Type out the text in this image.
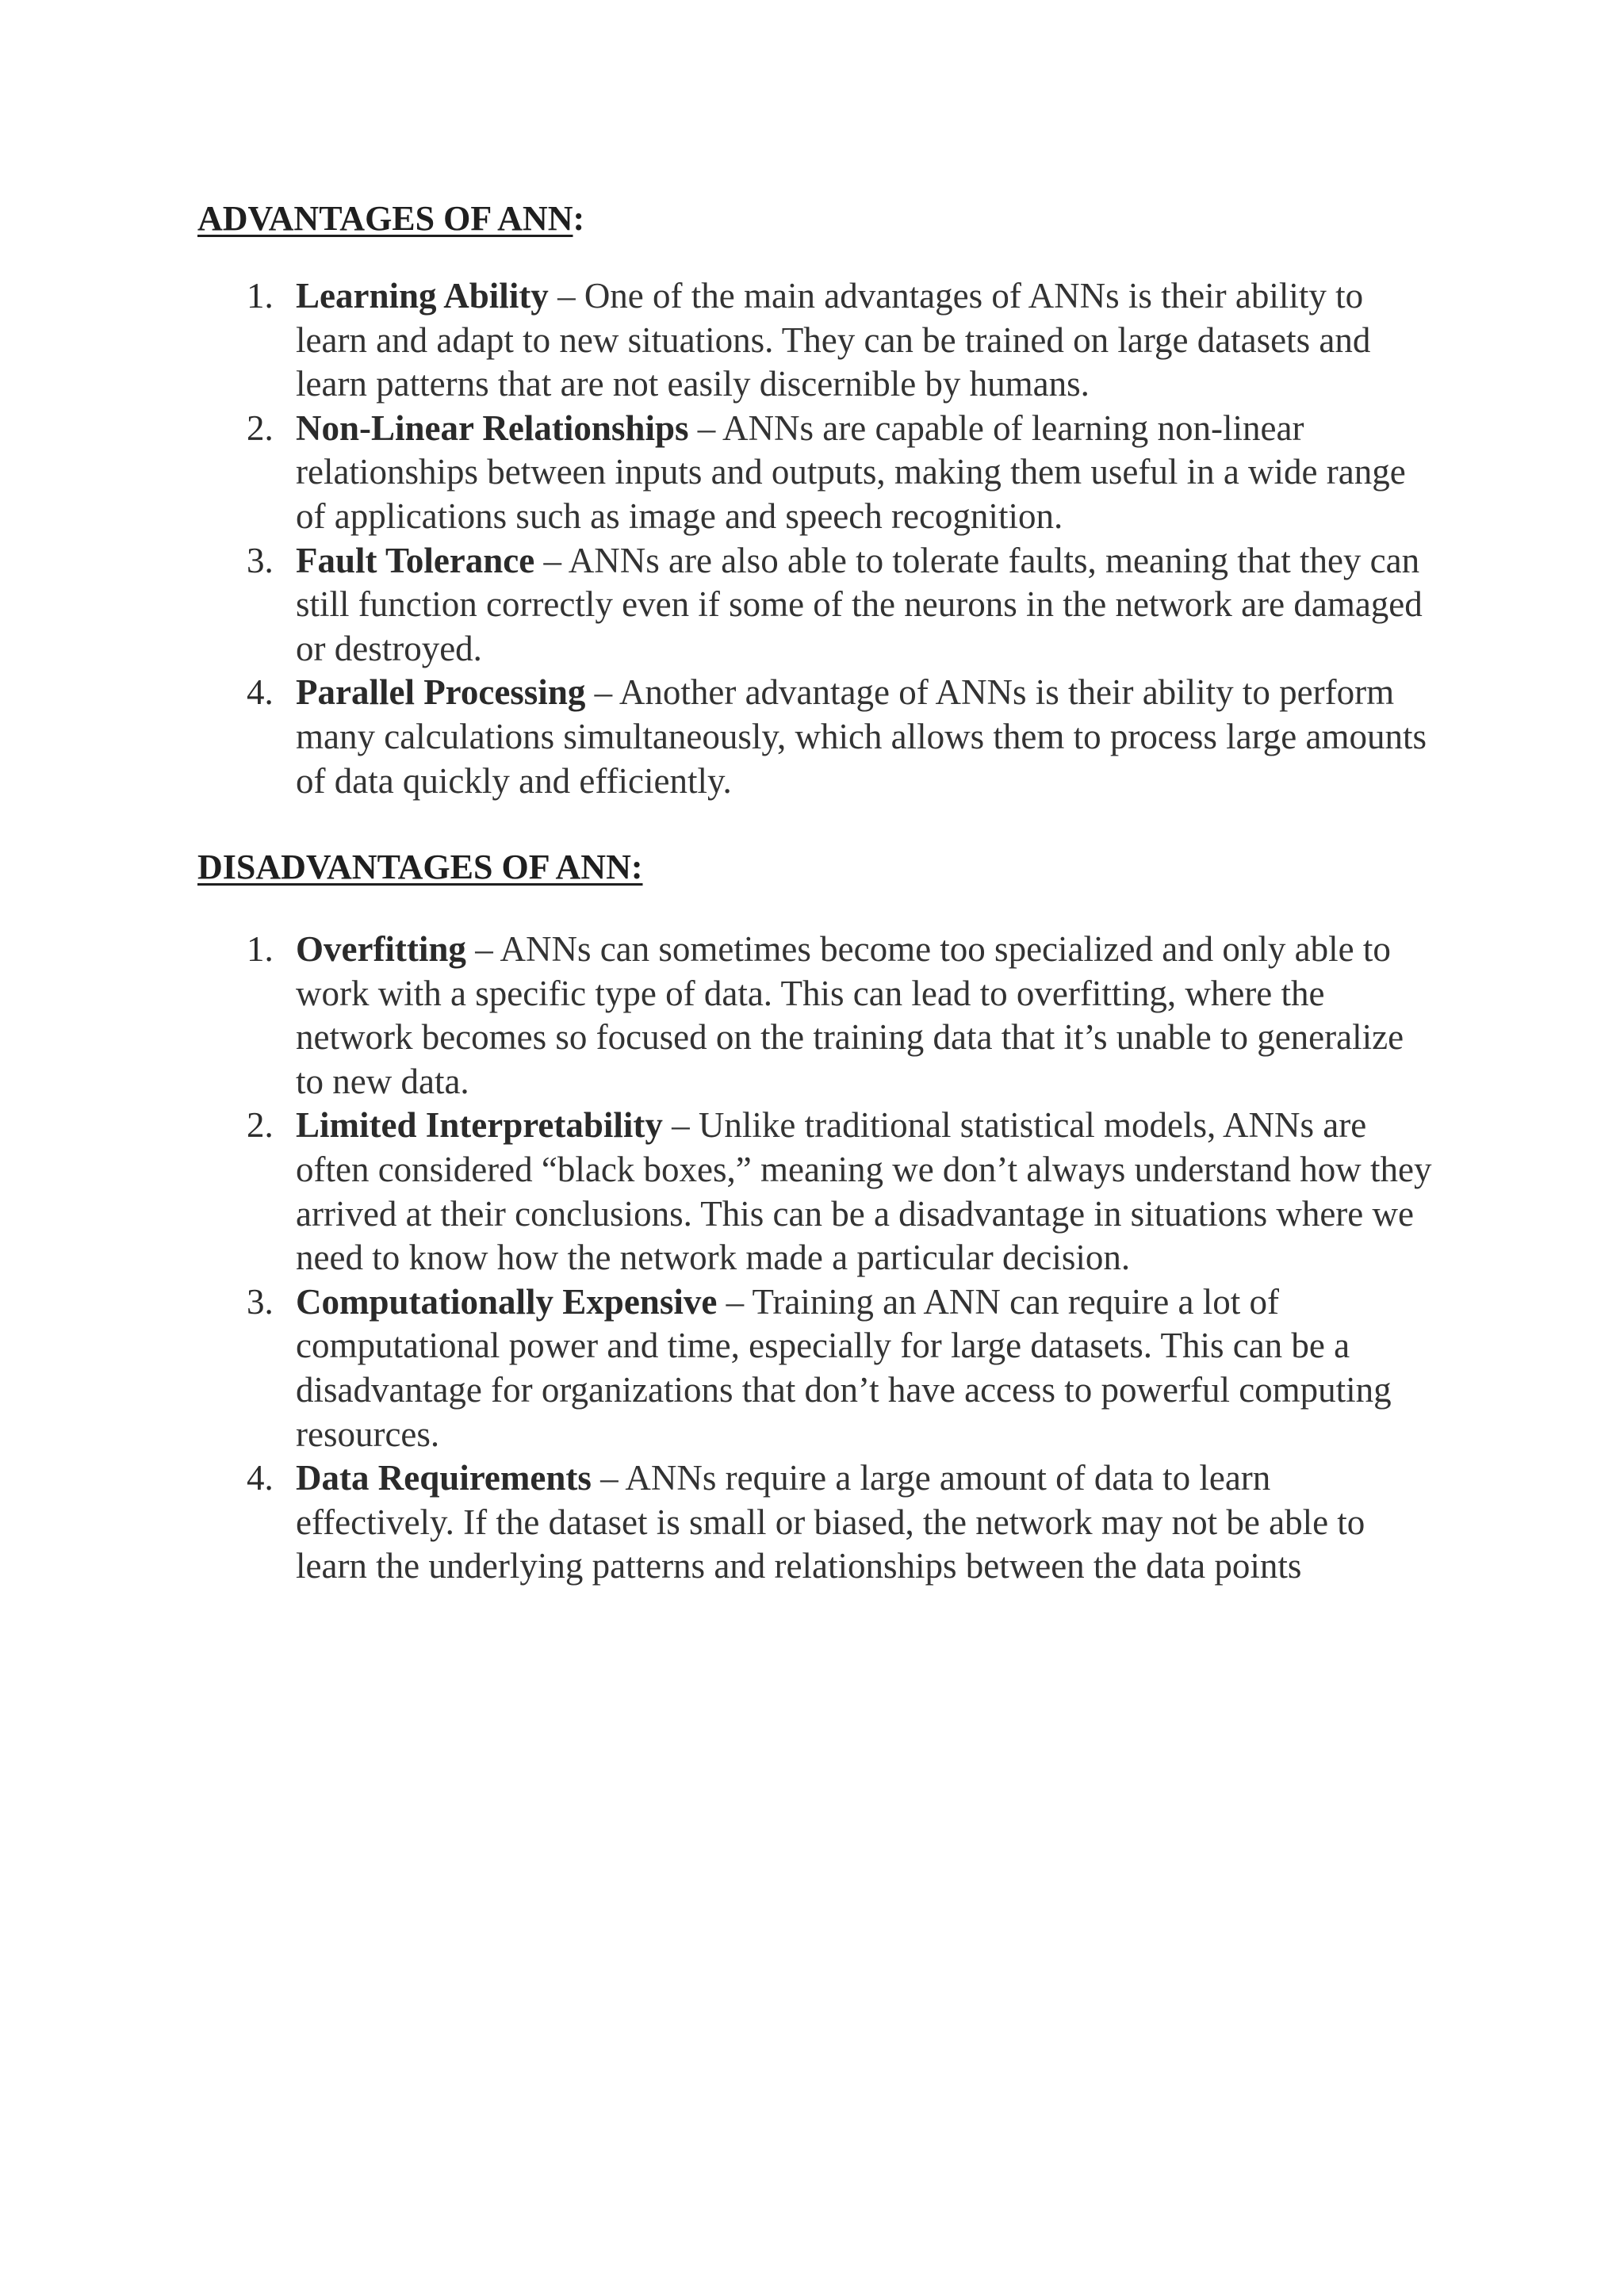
ADVANTAGES OF ANN:
1. Learning Ability – One of the main advantages of ANNs is their ability to learn and adapt to new situations. They can be trained on large datasets and learn patterns that are not easily discernible by humans.
2. Non-Linear Relationships – ANNs are capable of learning non-linear relationships between inputs and outputs, making them useful in a wide range of applications such as image and speech recognition.
3. Fault Tolerance – ANNs are also able to tolerate faults, meaning that they can still function correctly even if some of the neurons in the network are damaged or destroyed.
4. Parallel Processing – Another advantage of ANNs is their ability to perform many calculations simultaneously, which allows them to process large amounts of data quickly and efficiently.
DISADVANTAGES OF ANN:
1. Overfitting – ANNs can sometimes become too specialized and only able to work with a specific type of data. This can lead to overfitting, where the network becomes so focused on the training data that it’s unable to generalize to new data.
2. Limited Interpretability – Unlike traditional statistical models, ANNs are often considered “black boxes,” meaning we don’t always understand how they arrived at their conclusions. This can be a disadvantage in situations where we need to know how the network made a particular decision.
3. Computationally Expensive – Training an ANN can require a lot of computational power and time, especially for large datasets. This can be a disadvantage for organizations that don’t have access to powerful computing resources.
4. Data Requirements – ANNs require a large amount of data to learn effectively. If the dataset is small or biased, the network may not be able to learn the underlying patterns and relationships between the data points
